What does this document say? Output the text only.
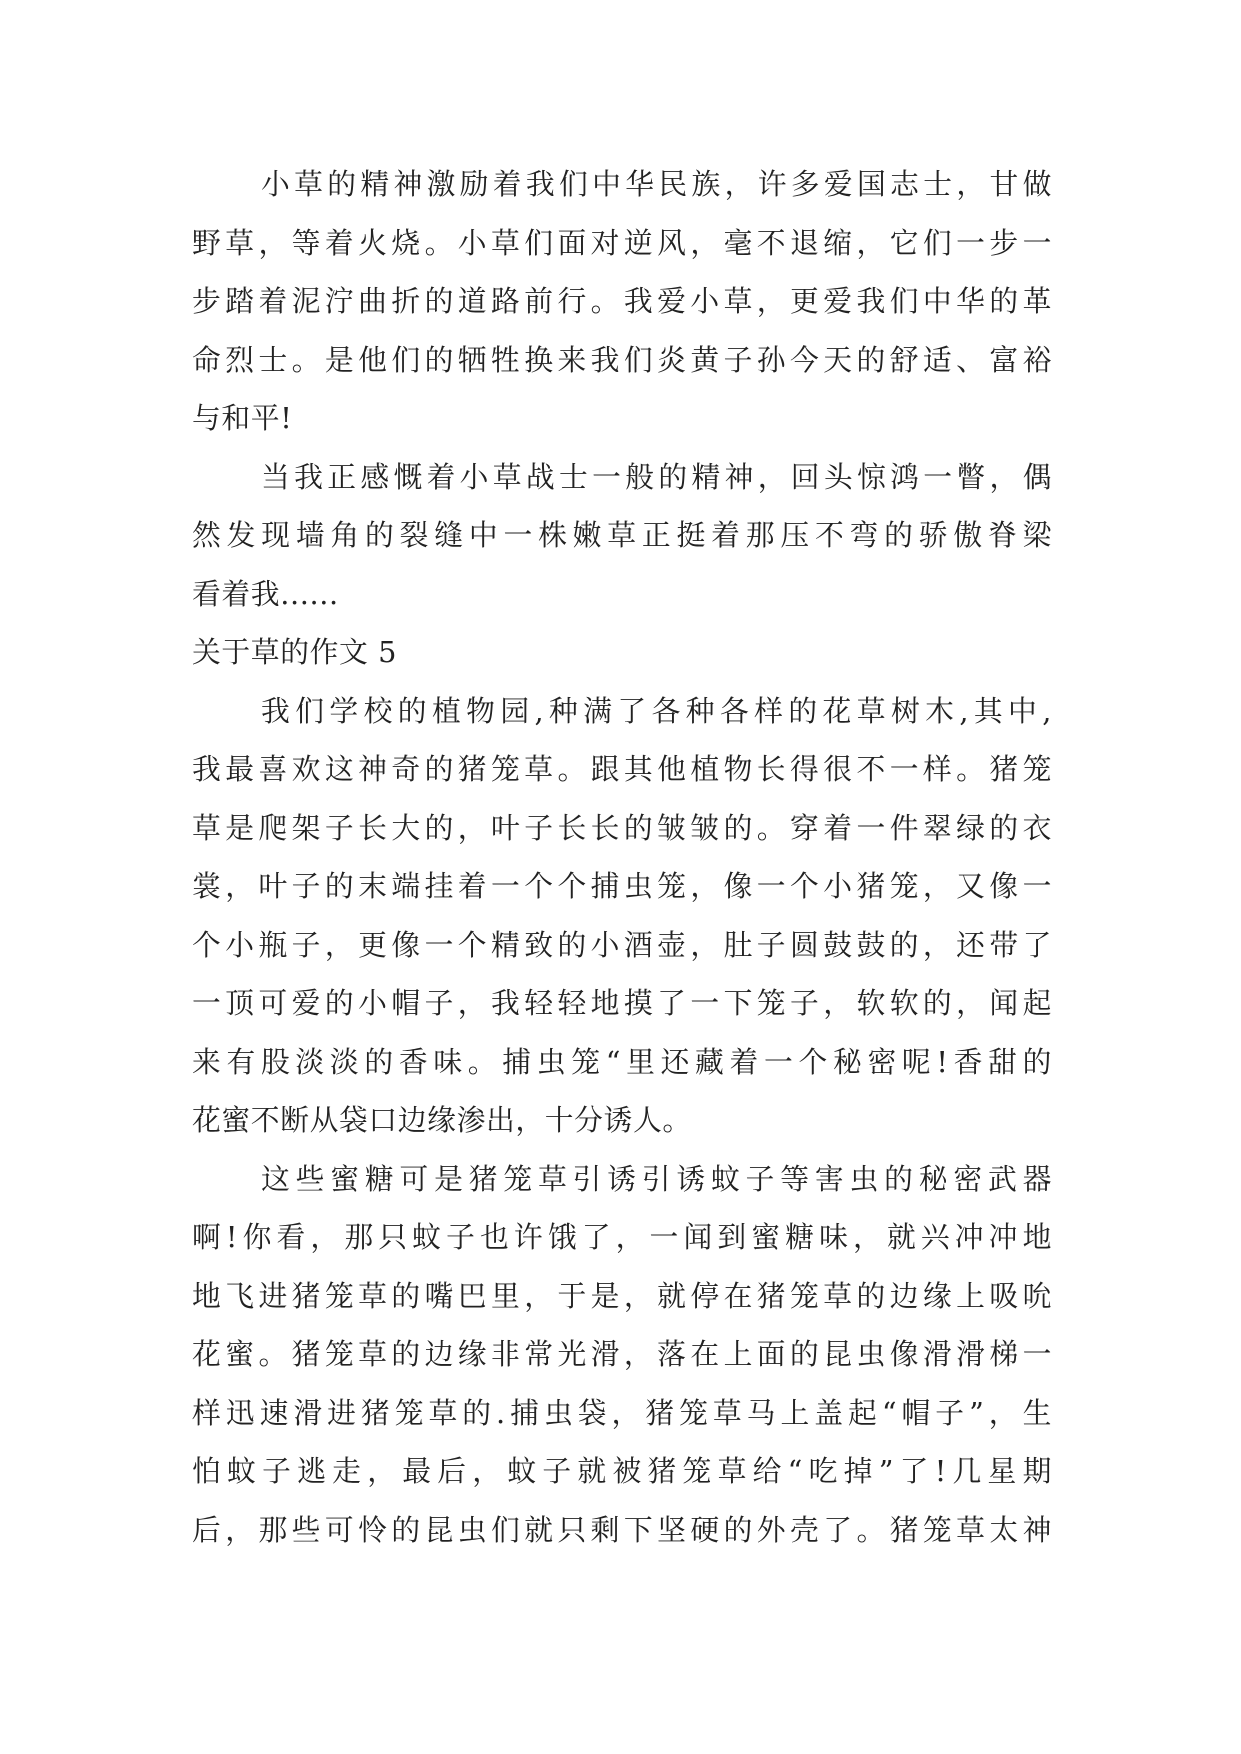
小草的精神激励着我们中华民族，许多爱国志士，甘做
野草，等着火烧。小草们面对逆风，毫不退缩，它们一步一
步踏着泥泞曲折的道路前行。我爱小草，更爱我们中华的革
命烈士。是他们的牺牲换来我们炎黄子孙今天的舒适、富裕
与和平!
当我正感慨着小草战士一般的精神，回头惊鸿一瞥，偶
然发现墙角的裂缝中一株嫩草正挺着那压不弯的骄傲脊梁
看着我......
关于草的作文 5
我们学校的植物园,种满了各种各样的花草树木,其中,
我最喜欢这神奇的猪笼草。跟其他植物长得很不一样。猪笼
草是爬架子长大的，叶子长长的皱皱的。穿着一件翠绿的衣
裳，叶子的末端挂着一个个捕虫笼，像一个小猪笼，又像一
个小瓶子，更像一个精致的小酒壶，肚子圆鼓鼓的，还带了
一顶可爱的小帽子，我轻轻地摸了一下笼子，软软的，闻起
来有股淡淡的香味。捕虫笼“里还藏着一个秘密呢!香甜的
花蜜不断从袋口边缘渗出，十分诱人。
这些蜜糖可是猪笼草引诱引诱蚊子等害虫的秘密武器
啊!你看，那只蚊子也许饿了，一闻到蜜糖味，就兴冲冲地
地飞进猪笼草的嘴巴里，于是，就停在猪笼草的边缘上吸吮
花蜜。猪笼草的边缘非常光滑，落在上面的昆虫像滑滑梯一
样迅速滑进猪笼草的.捕虫袋，猪笼草马上盖起“帽子”，生
怕蚊子逃走，最后，蚊子就被猪笼草给“吃掉”了!几星期
后，那些可怜的昆虫们就只剩下坚硬的外壳了。猪笼草太神
